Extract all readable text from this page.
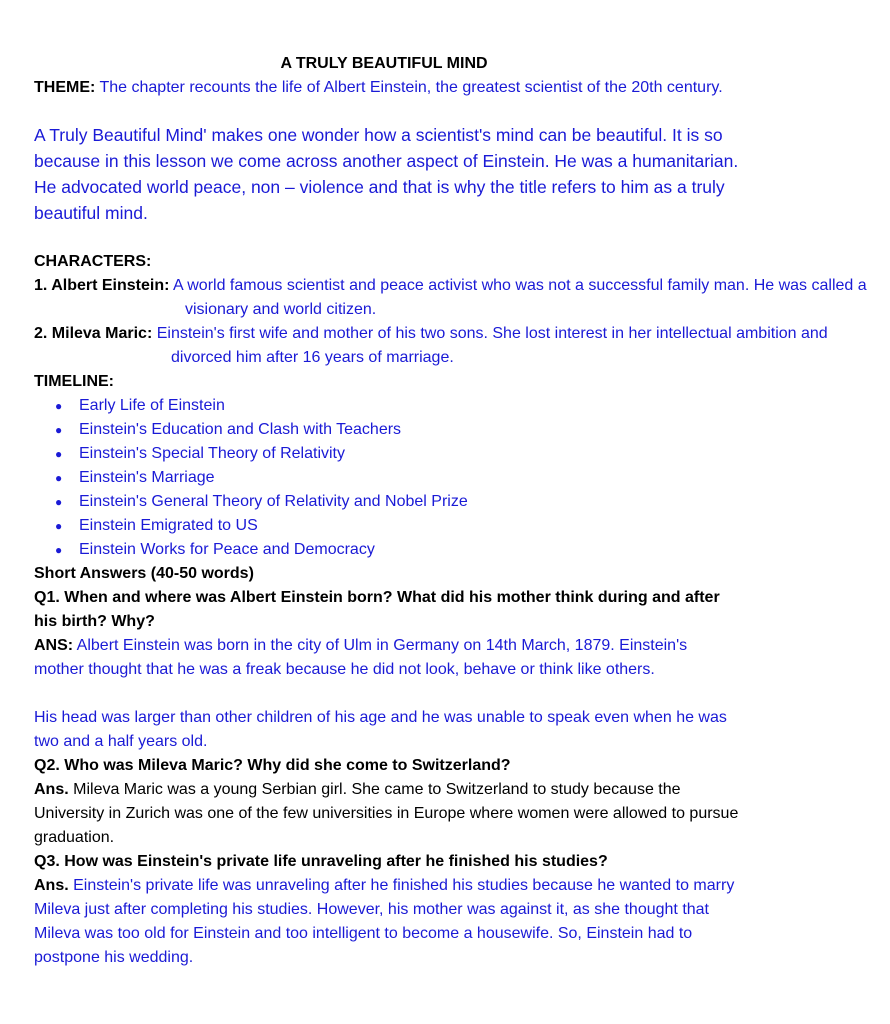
A TRULY BEAUTIFUL MIND
THEME: The chapter recounts the life of Albert Einstein, the greatest scientist of the 20th century.
A Truly Beautiful Mind' makes one wonder how a scientist's mind can be beautiful. It is so because in this lesson we come across another aspect of Einstein. He was a humanitarian. He advocated world peace, non – violence and that is why the title refers to him as a truly beautiful mind.
CHARACTERS:
1. Albert Einstein: A world famous scientist and peace activist who was not a successful family man. He was called a visionary and world citizen.
2. Mileva Maric: Einstein's first wife and mother of his two sons. She lost interest in her intellectual ambition and divorced him after 16 years of marriage.
TIMELINE:
● Early Life of Einstein
● Einstein's Education and Clash with Teachers
● Einstein's Special Theory of Relativity
● Einstein's Marriage
● Einstein's General Theory of Relativity and Nobel Prize
● Einstein Emigrated to US
● Einstein Works for Peace and Democracy
Short Answers (40-50 words)
Q1. When and where was Albert Einstein born? What did his mother think during and after his birth? Why?
ANS: Albert Einstein was born in the city of Ulm in Germany on 14th March, 1879. Einstein's mother thought that he was a freak because he did not look, behave or think like others.
His head was larger than other children of his age and he was unable to speak even when he was two and a half years old.
Q2. Who was Mileva Maric? Why did she come to Switzerland?
Ans. Mileva Maric was a young Serbian girl. She came to Switzerland to study because the University in Zurich was one of the few universities in Europe where women were allowed to pursue graduation.
Q3. How was Einstein's private life unraveling after he finished his studies?
Ans. Einstein's private life was unraveling after he finished his studies because he wanted to marry Mileva just after completing his studies. However, his mother was against it, as she thought that Mileva was too old for Einstein and too intelligent to become a housewife. So, Einstein had to postpone his wedding.
